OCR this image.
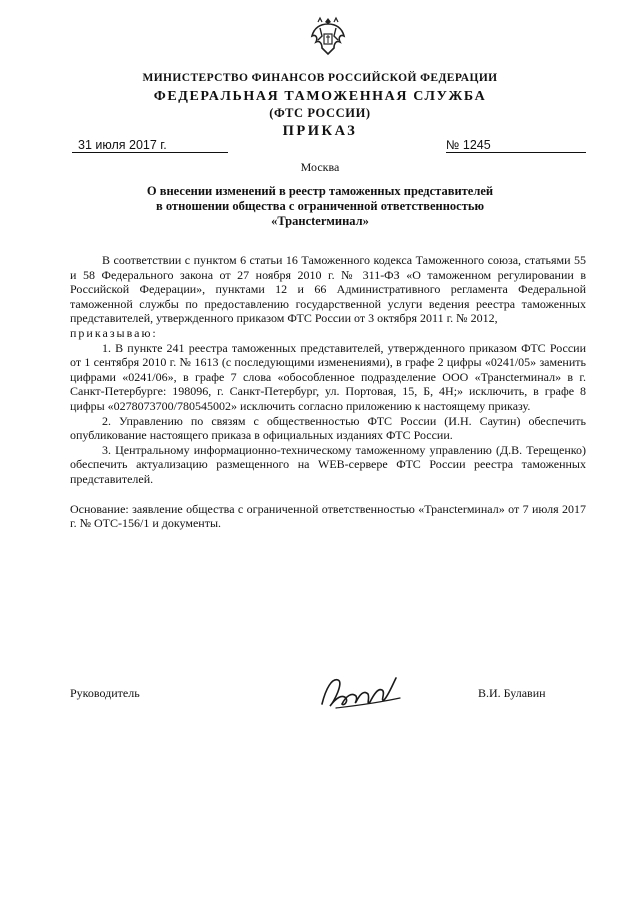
МИНИСТЕРСТВО ФИНАНСОВ РОССИЙСКОЙ ФЕДЕРАЦИИ
ФЕДЕРАЛЬНАЯ ТАМОЖЕННАЯ СЛУЖБА
(ФТС РОССИИ)
ПРИКАЗ
31 июля 2017 г.	№ 1245
Москва
О внесении изменений в реестр таможенных представителей
в отношении общества с ограниченной ответственностью
«Трансterминал»
В соответствии с пунктом 6 статьи 16 Таможенного кодекса Таможенного союза, статьями 55 и 58 Федерального закона от 27 ноября 2010 г. № 311-ФЗ «О таможенном регулировании в Российской Федерации», пунктами 12 и 66 Административного регламента Федеральной таможенной службы по предоставлению государственной услуги ведения реестра таможенных представителей, утвержденного приказом ФТС России от 3 октября 2011 г. № 2012,
приказываю:
1. В пункте 241 реестра таможенных представителей, утвержденного приказом ФТС России от 1 сентября 2010 г. № 1613 (с последующими изменениями), в графе 2 цифры «0241/05» заменить цифрами «0241/06», в графе 7 слова «обособленное подразделение ООО «Трансterминал» в г. Санкт-Петербурге: 198096, г. Санкт-Петербург, ул. Портовая, 15, Б, 4Н;» исключить, в графе 8 цифры «0278073700/780545002» исключить согласно приложению к настоящему приказу.
2. Управлению по связям с общественностью ФТС России (И.Н. Саутин) обеспечить опубликование настоящего приказа в официальных изданиях ФТС России.
3. Центральному информационно-техническому таможенному управлению (Д.В. Терещенко) обеспечить актуализацию размещенного на WEB-сервере ФТС России реестра таможенных представителей.
Основание: заявление общества с ограниченной ответственностью «Трансterминал» от 7 июля 2017 г. № ОТС-156/1 и документы.
Руководитель	В.И. Булавин
